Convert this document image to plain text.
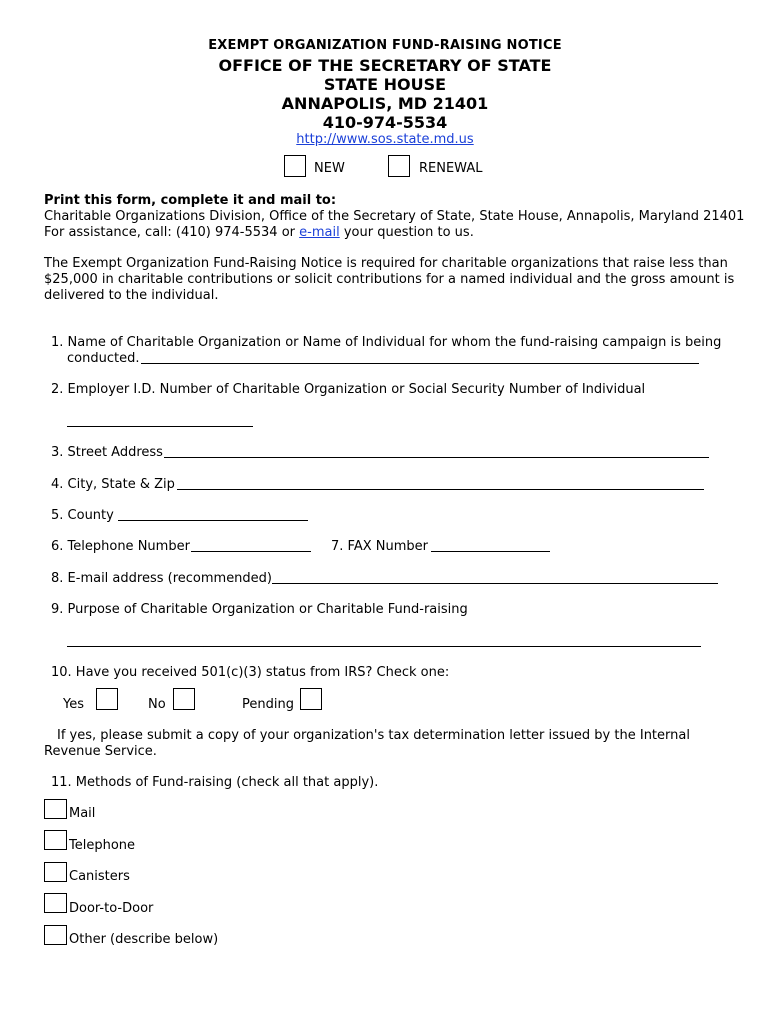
EXEMPT ORGANIZATION FUND-RAISING NOTICE
OFFICE OF THE SECRETARY OF STATE
STATE HOUSE
ANNAPOLIS, MD 21401
410-974-5534
http://www.sos.state.md.us
NEW	RENEWAL
Print this form, complete it and mail to:
Charitable Organizations Division, Office of the Secretary of State, State House, Annapolis, Maryland 21401
For assistance, call: (410) 974-5534 or e-mail your question to us.
The Exempt Organization Fund-Raising Notice is required for charitable organizations that raise less than
$25,000 in charitable contributions or solicit contributions for a named individual and the gross amount is
delivered to the individual.
1. Name of Charitable Organization or Name of Individual for whom the fund-raising campaign is being
conducted.
2. Employer I.D. Number of Charitable Organization or Social Security Number of Individual
3. Street Address
4. City, State & Zip
5. County
6. Telephone Number	7. FAX Number
8. E-mail address (recommended)
9. Purpose of Charitable Organization or Charitable Fund-raising
10. Have you received 501(c)(3) status from IRS? Check one:
Yes	No	Pending
If yes, please submit a copy of your organization's tax determination letter issued by the Internal
Revenue Service.
11. Methods of Fund-raising (check all that apply).
Mail
Telephone
Canisters
Door-to-Door
Other (describe below)
